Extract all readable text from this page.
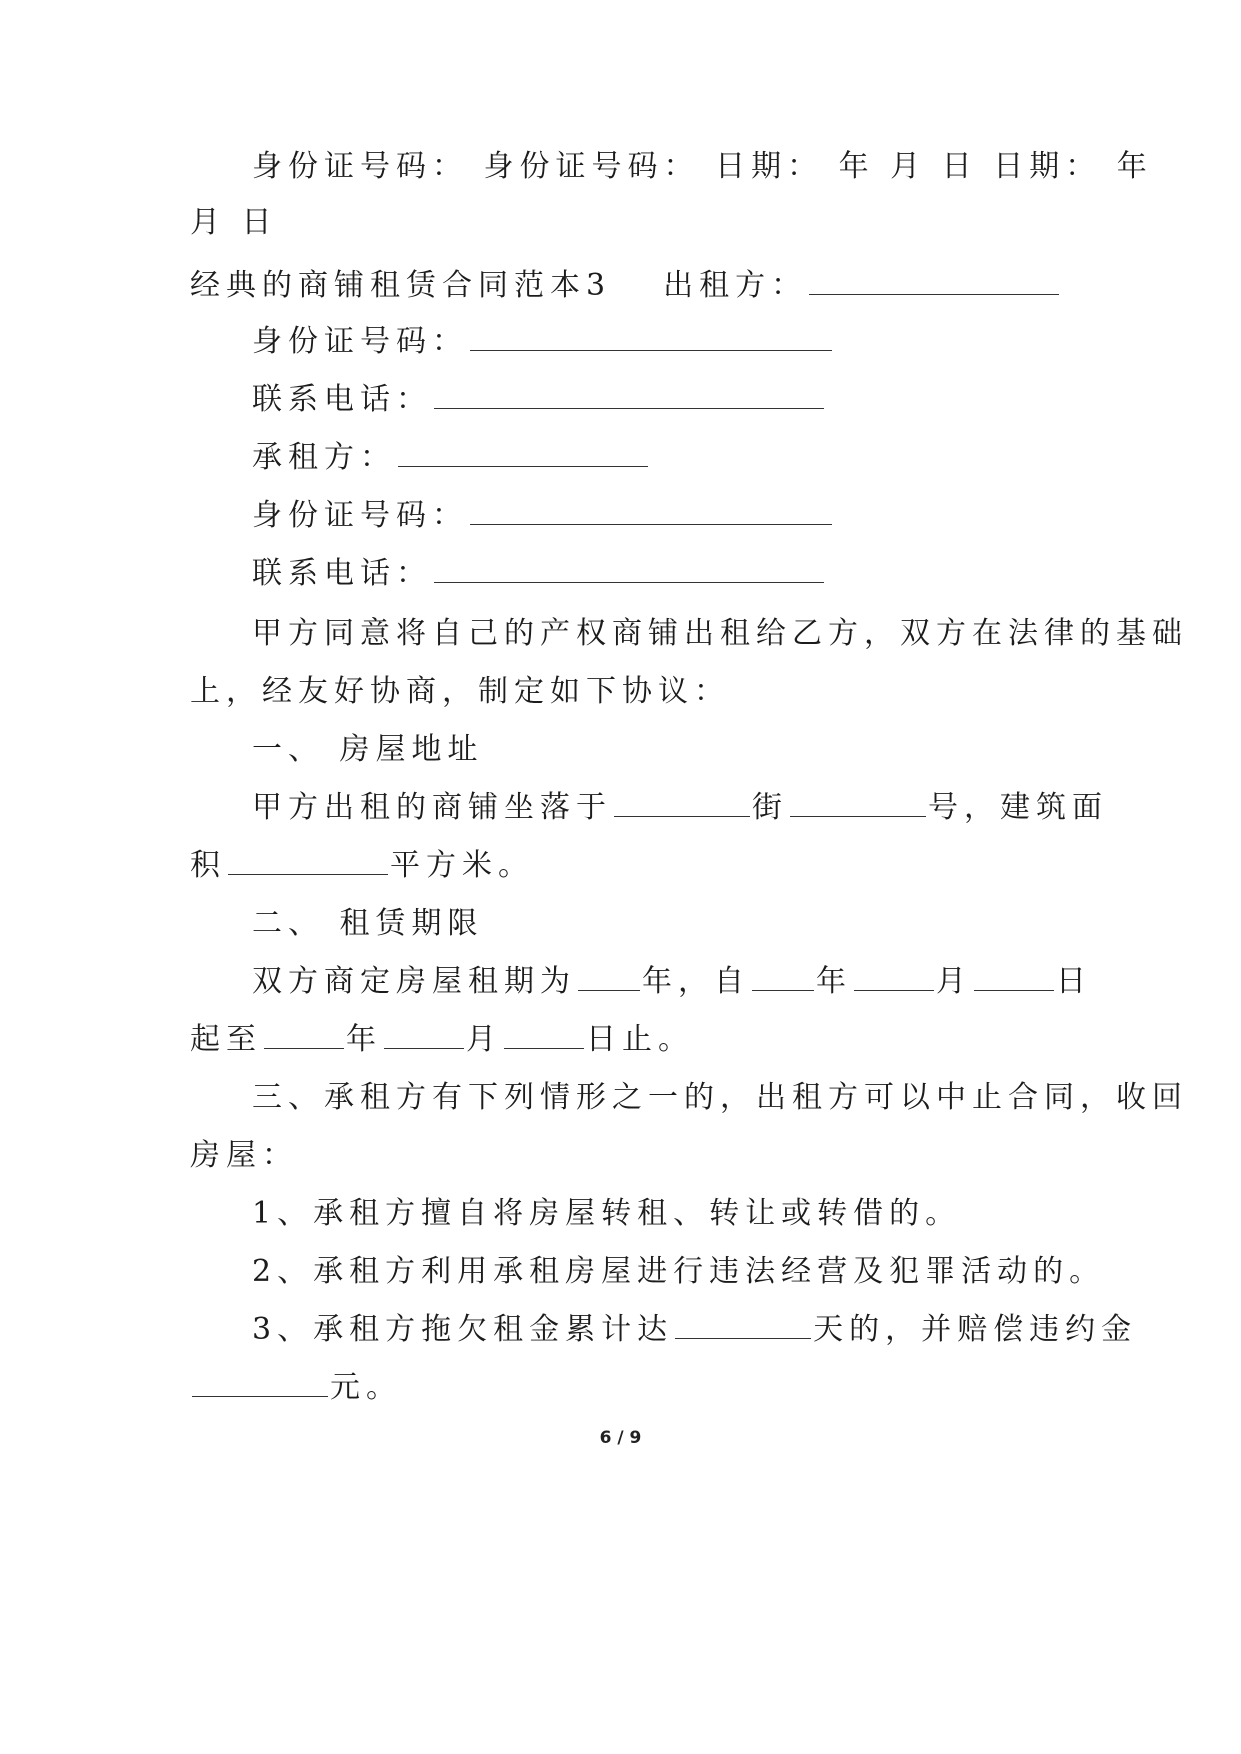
身份证号码： 身份证号码： 日期： 年 月 日 日期： 年
月 日
经典的商铺租赁合同范本3 出租方：
身份证号码：
联系电话：
承租方：
身份证号码：
联系电话：
甲方同意将自己的产权商铺出租给乙方，双方在法律的基础
上，经友好协商，制定如下协议：
一、 房屋地址
甲方出租的商铺坐落于	街	号，建筑面
积	平方米。
二、 租赁期限
双方商定房屋租期为 年，自 年	月	日
起至	年	月	日止。
三、承租方有下列情形之一的，出租方可以中止合同，收回
房屋：
1、承租方擅自将房屋转租、转让或转借的。
2、承租方利用承租房屋进行违法经营及犯罪活动的。
3、承租方拖欠租金累计达	天的，并赔偿违约金
元。
6 / 9
